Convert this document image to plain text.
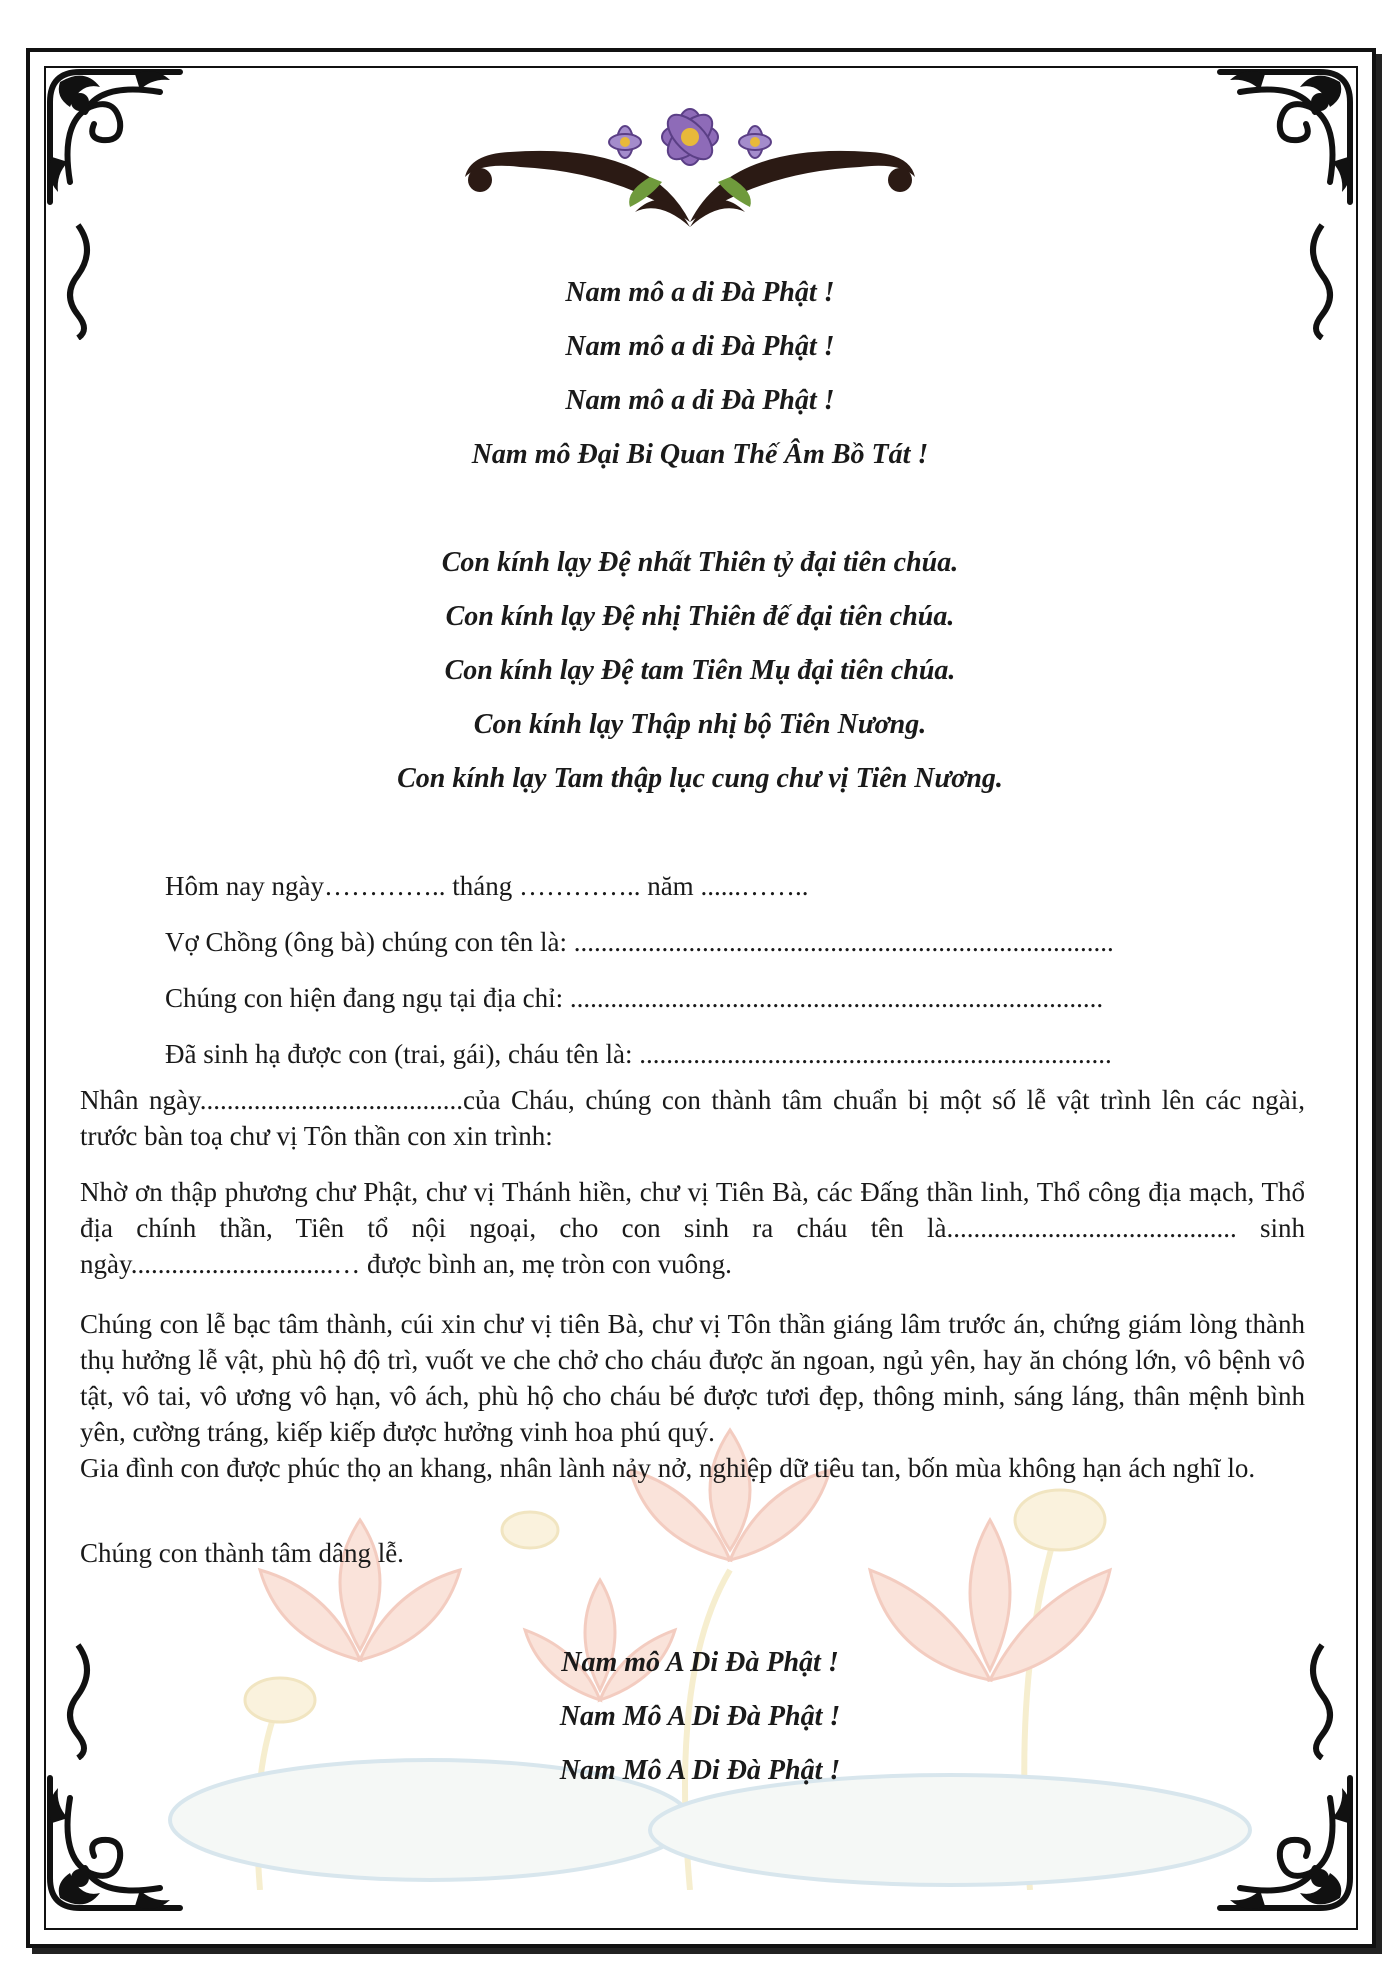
Nam mô a di Đà Phật !
Nam mô a di Đà Phật !
Nam mô a di Đà Phật !
Nam mô Đại Bi Quan Thế Âm Bồ Tát !
Con kính lạy Đệ nhất Thiên tỷ đại tiên chúa.
Con kính lạy Đệ nhị Thiên đế đại tiên chúa.
Con kính lạy Đệ tam Tiên Mụ đại tiên chúa.
Con kính lạy Thập nhị bộ Tiên Nương.
Con kính lạy Tam thập lục cung chư vị Tiên Nương.
Hôm nay ngày………….. tháng ………….. năm ......……..
Vợ Chồng (ông bà) chúng con tên là: ................................................................................
Chúng con hiện đang ngụ tại địa chỉ: ...............................................................................
Đã sinh hạ được con (trai, gái), cháu tên là: ......................................................................

Nhân ngày.......................................của Cháu, chúng con thành tâm chuẩn bị một số lễ vật trình lên các ngài, trước bàn toạ chư vị Tôn thần con xin trình:

Nhờ ơn thập phương chư Phật, chư vị Thánh hiền, chư vị Tiên Bà, các Đấng thần linh, Thổ công địa mạch, Thổ địa chính thần, Tiên tổ nội ngoại, cho con sinh ra cháu tên là........................................... sinh ngày..............................… được bình an, mẹ tròn con vuông.

Chúng con lễ bạc tâm thành, cúi xin chư vị tiên Bà, chư vị Tôn thần giáng lâm trước án, chứng giám lòng thành thụ hưởng lễ vật, phù hộ độ trì, vuốt ve che chở cho cháu được ăn ngoan, ngủ yên, hay ăn chóng lớn, vô bệnh vô tật, vô tai, vô ương vô hạn, vô ách, phù hộ cho cháu bé được tươi đẹp, thông minh, sáng láng, thân mệnh bình yên, cường tráng, kiếp kiếp được hưởng vinh hoa phú quý.

Gia đình con được phúc thọ an khang, nhân lành nảy nở, nghiệp dữ tiêu tan, bốn mùa không hạn ách nghĩ lo.

Chúng con thành tâm dâng lễ.

Nam mô A Di Đà Phật !
Nam Mô A Di Đà Phật !
Nam Mô A Di Đà Phật !
